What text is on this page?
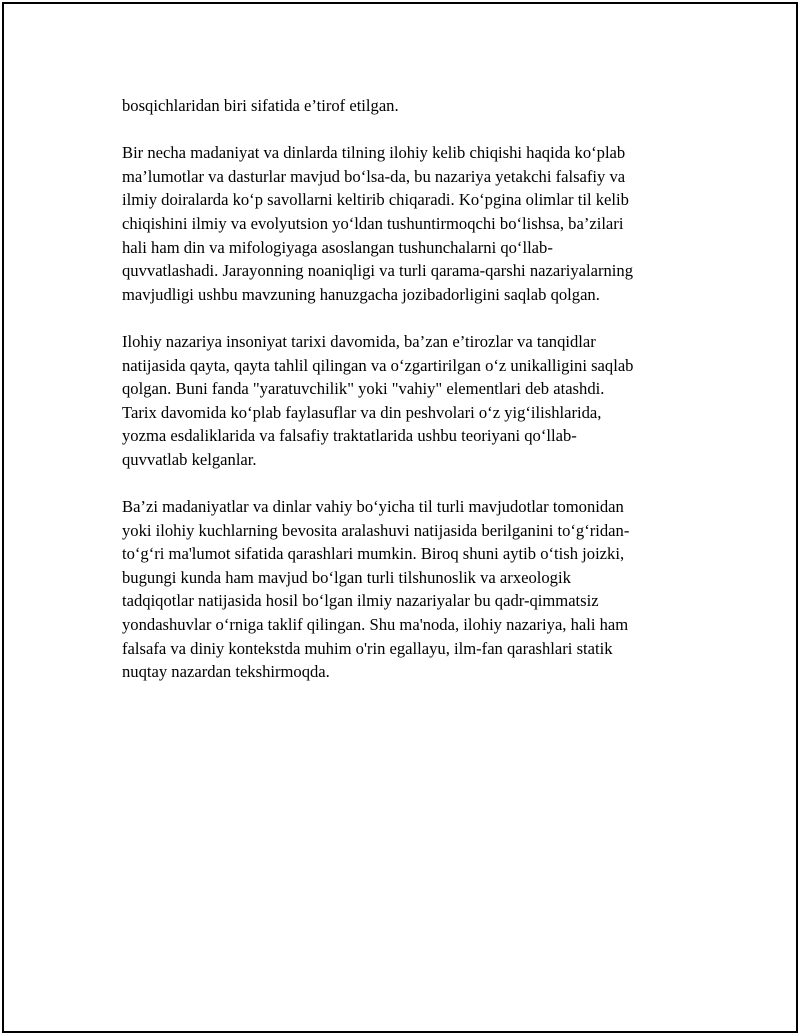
bosqichlaridan biri sifatida e’tirof etilgan.

Bir necha madaniyat va dinlarda tilning ilohiy kelib chiqishi haqida ko‘plab
ma’lumotlar va dasturlar mavjud bo‘lsa-da, bu nazariya yetakchi falsafiy va
ilmiy doiralarda ko‘p savollarni keltirib chiqaradi. Ko‘pgina olimlar til kelib
chiqishini ilmiy va evolyutsion yo‘ldan tushuntirmoqchi bo‘lishsa, ba’zilari
hali ham din va mifologiyaga asoslangan tushunchalarni qo‘llab-
quvvatlashadi. Jarayonning noaniqligi va turli qarama-qarshi nazariyalarning
mavjudligi ushbu mavzuning hanuzgacha jozibadorligini saqlab qolgan.

Ilohiy nazariya insoniyat tarixi davomida, ba’zan e’tirozlar va tanqidlar
natijasida qayta, qayta tahlil qilingan va o‘zgartirilgan o‘z unikalligini saqlab
qolgan. Buni fanda "yaratuvchilik" yoki "vahiy" elementlari deb atashdi.
Tarix davomida ko‘plab faylasuflar va din peshvolari o‘z yig‘ilishlarida,
yozma esdaliklarida va falsafiy traktatlarida ushbu teoriyani qo‘llab-
quvvatlab kelganlar.

Ba’zi madaniyatlar va dinlar vahiy bo‘yicha til turli mavjudotlar tomonidan
yoki ilohiy kuchlarning bevosita aralashuvi natijasida berilganini to‘g‘ridan-
to‘g‘ri ma'lumot sifatida qarashlari mumkin. Biroq shuni aytib o‘tish joizki,
bugungi kunda ham mavjud bo‘lgan turli tilshunoslik va arxeologik
tadqiqotlar natijasida hosil bo‘lgan ilmiy nazariyalar bu qadr-qimmatsiz
yondashuvlar o‘rniga taklif qilingan. Shu ma'noda, ilohiy nazariya, hali ham
falsafa va diniy kontekstda muhim o'rin egallayu, ilm-fan qarashlari statik
nuqtay nazardan tekshirmoqda.
